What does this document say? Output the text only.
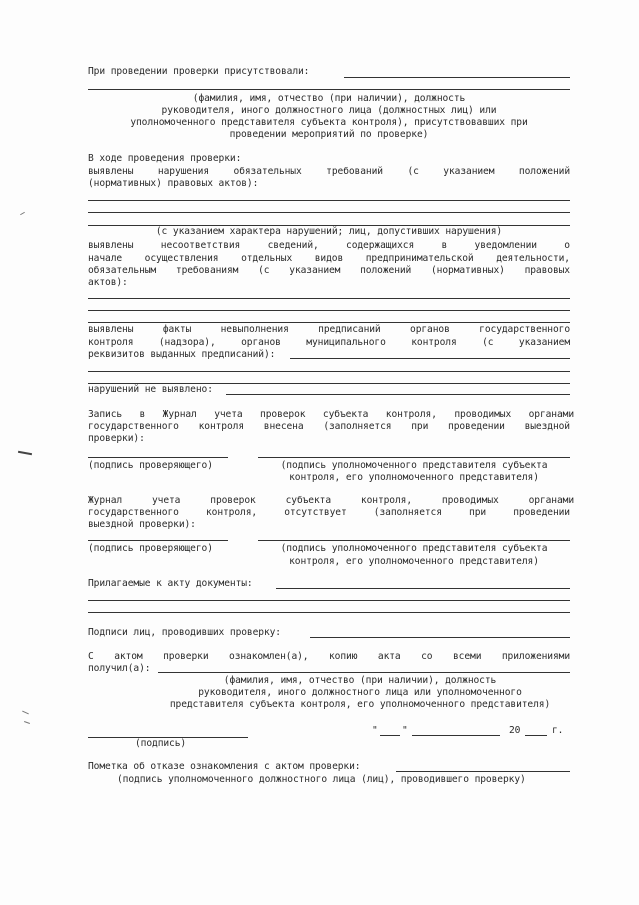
При проведении проверки присутствовали:
(фамилия, имя, отчество (при наличии), должность
руководителя, иного должностного лица (должностных лиц) или
уполномоченного представителя субъекта контроля), присутствовавших при
проведении мероприятий по проверке)
В ходе проведения проверки:
выявлены нарушения обязательных требований (с указанием положений
(нормативных) правовых актов):
(с указанием характера нарушений; лиц, допустивших нарушения)
выявлены несоответствия сведений, содержащихся в уведомлении о
начале осуществления отдельных видов предпринимательской деятельности,
обязательным требованиям (с указанием положений (нормативных) правовых
актов):
выявлены факты невыполнения предписаний органов государственного
контроля (надзора), органов муниципального контроля (с указанием
реквизитов выданных предписаний):
нарушений не выявлено:
Запись в Журнал учета проверок субъекта контроля, проводимых органами
государственного контроля внесена (заполняется при проведении выездной
проверки):
(подпись проверяющего)	(подпись уполномоченного представителя субъекта
контроля, его уполномоченного представителя)
Журнал учета проверок субъекта контроля, проводимых органами
государственного контроля, отсутствует (заполняется при проведении
выездной проверки):
(подпись проверяющего)	(подпись уполномоченного представителя субъекта
контроля, его уполномоченного представителя)
Прилагаемые к акту документы:
Подписи лиц, проводивших проверку:
С актом проверки ознакомлен(а), копию акта со всеми приложениями
получил(а):
(фамилия, имя, отчество (при наличии), должность
руководителя, иного должностного лица или уполномоченного
представителя субъекта контроля, его уполномоченного представителя)
(подпись)
"	"	20	г.
Пометка об отказе ознакомления с актом проверки:
(подпись уполномоченного должностного лица (лиц), проводившего проверку)
